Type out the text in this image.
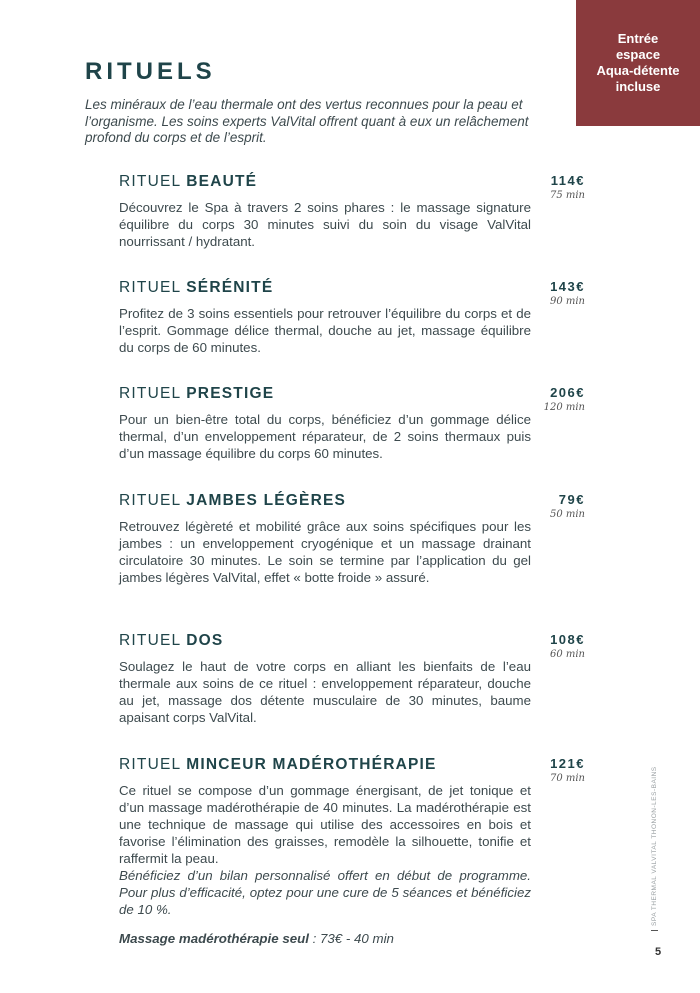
Entrée espace Aqua-détente incluse
RITUELS

Les minéraux de l’eau thermale ont des vertus reconnues pour la peau et l’organisme. Les soins experts ValVital offrent quant à eux un relâchement profond du corps et de l’esprit.

RITUEL BEAUTÉ	114€
75 min

Découvrez le Spa à travers 2 soins phares : le massage signature équilibre du corps 30 minutes suivi du soin du visage ValVital nourrissant / hydratant.

RITUEL SÉRÉNITÉ	143€
90 min

Profitez de 3 soins essentiels pour retrouver l’équilibre du corps et de l’esprit. Gommage délice thermal, douche au jet, massage équilibre du corps de 60 minutes.

RITUEL PRESTIGE	206€
120 min

Pour un bien-être total du corps, bénéficiez d’un gommage délice thermal, d’un enveloppement réparateur, de 2 soins thermaux puis d’un massage équilibre du corps 60 minutes.

RITUEL JAMBES LÉGÈRES	79€
50 min

Retrouvez légèreté et mobilité grâce aux soins spécifiques pour les jambes : un enveloppement cryogénique et un massage drainant circulatoire 30 minutes. Le soin se termine par l’application du gel jambes légères ValVital, effet « botte froide » assuré.

RITUEL DOS	108€
60 min

Soulagez le haut de votre corps en alliant les bienfaits de l’eau thermale aux soins de ce rituel : enveloppement réparateur, douche au jet, massage dos détente musculaire de 30 minutes, baume apaisant corps ValVital.

RITUEL MINCEUR MADÉROTHÉRAPIE	121€
70 min

Ce rituel se compose d’un gommage énergisant, de jet tonique et d’un massage madérothérapie de 40 minutes. La madérothérapie est une technique de massage qui utilise des accessoires en bois et favorise l’élimination des graisses, remodèle la silhouette, tonifie et raffermit la peau.

Bénéficiez d’un bilan personnalisé offert en début de programme. Pour plus d’efficacité, optez pour une cure de 5 séances et bénéficiez de 10 %.

Massage madérothérapie seul : 73€ - 40 min

SPA THERMAL VALVITAL THONON-LES-BAINS
5
